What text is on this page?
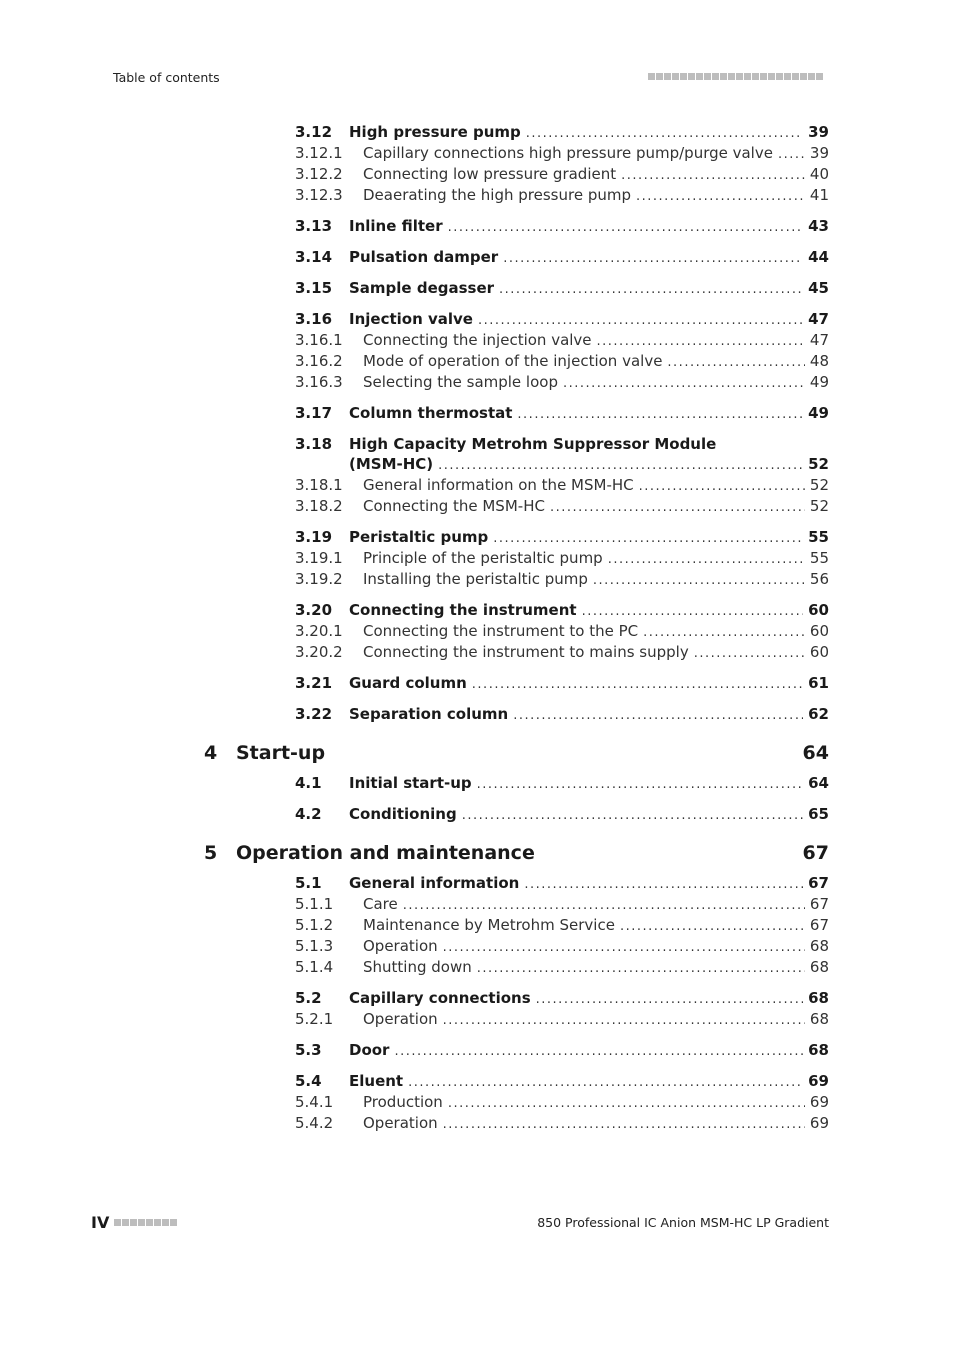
Table of contents
3.12 High pressure pump .....	39
3.12.1 Capillary connections high pressure pump/purge valve ..... 39
3.12.2 Connecting low pressure gradient .....	40
3.12.3 Deaerating the high pressure pump .....	41
3.13 Inline filter .....	43
3.14 Pulsation damper .....	44
3.15 Sample degasser .....	45
3.16 Injection valve .....	47
3.16.1 Connecting the injection valve .....	47
3.16.2 Mode of operation of the injection valve .....	48
3.16.3 Selecting the sample loop .....	49
3.17 Column thermostat .....	49
3.18 High Capacity Metrohm Suppressor Module
(MSM-HC) .....	52
3.18.1 General information on the MSM-HC .....	52
3.18.2 Connecting the MSM-HC .....	52
3.19 Peristaltic pump .....	55
3.19.1 Principle of the peristaltic pump .....	55
3.19.2 Installing the peristaltic pump .....	56
3.20 Connecting the instrument .....	60
3.20.1 Connecting the instrument to the PC .....	60
3.20.2 Connecting the instrument to mains supply .....	60
3.21 Guard column .....	61
3.22 Separation column .....	62
4 Start-up	64
4.1 Initial start-up .....	64
4.2 Conditioning .....	65
5 Operation and maintenance	67
5.1 General information .....	67
5.1.1 Care .....	67
5.1.2 Maintenance by Metrohm Service .....	67
5.1.3 Operation .....	68
5.1.4 Shutting down .....	68
5.2 Capillary connections .....	68
5.2.1 Operation .....	68
5.3 Door .....	68
5.4 Eluent .....	69
5.4.1 Production .....	69
5.4.2 Operation .....	69
IV	850 Professional IC Anion MSM-HC LP Gradient
